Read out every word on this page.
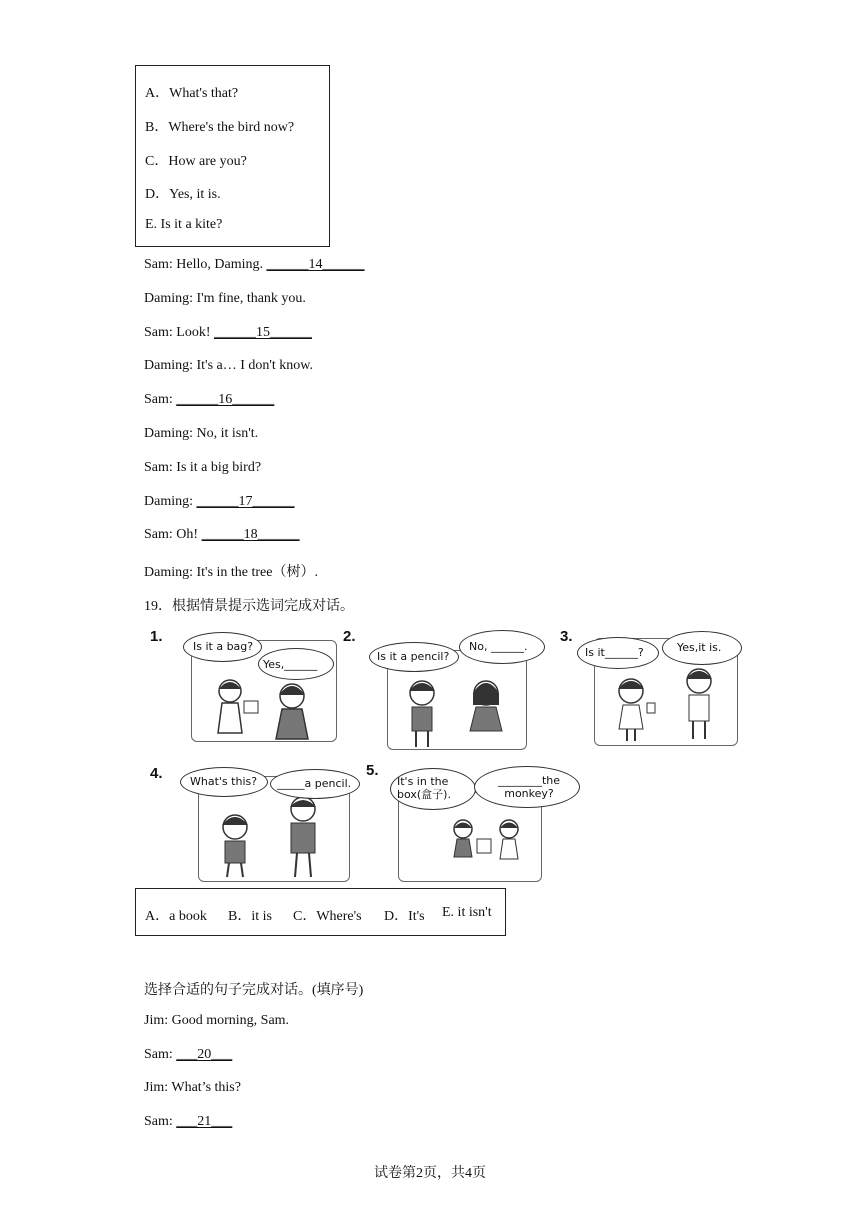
A．What's that?
B．Where's the bird now?
C．How are you?
D．Yes, it is.
E. Is it a kite?
Sam: Hello, Daming. ______14______
Daming: I'm fine, thank you.
Sam: Look! ______15______
Daming: It's a… I don't know.
Sam: ______16______
Daming: No, it isn't.
Sam: Is it a big bird?
Daming: ______17______
Sam: Oh! ______18______
Daming: It's in the tree（树）.
19．根据情景提示选词完成对话。
1.
Is it a bag?
Yes,______
2.
Is it a pencil?
No, ______.
3.
Is it______?	Yes,it is.
4. What's this? _____a pencil.
5.
It's in the box(盒子).
________the monkey?
A．a book B．it is C．Where's D．It's E. it isn't
选择合适的句子完成对话。(填序号)
Jim: Good morning, Sam.
Sam: ___20___
Jim: What’s this?
Sam: ___21___
试卷第2页，共4页
